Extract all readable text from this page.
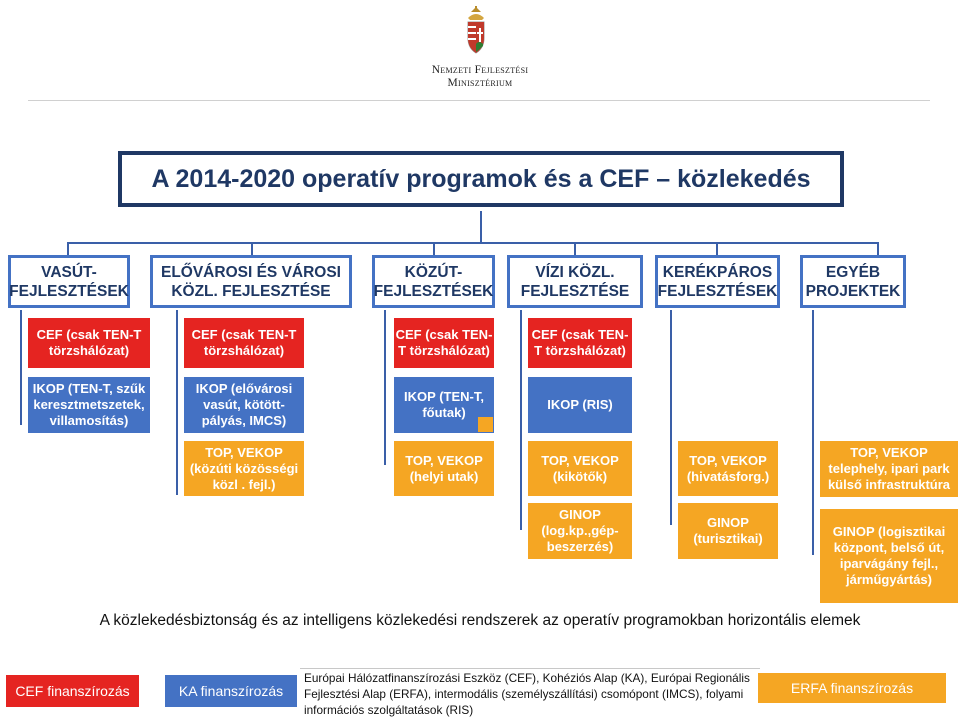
Nemzeti Fejlesztési
Minisztérium
A 2014-2020 operatív programok és a CEF – közlekedés
VASÚT-
FEJLESZTÉSEK
ELŐVÁROSI ÉS VÁROSI
KÖZL. FEJLESZTÉSE
KÖZÚT-
FEJLESZTÉSEK
VÍZI KÖZL.
FEJLESZTÉSE
KERÉKPÁROS
FEJLESZTÉSEK
EGYÉB
PROJEKTEK
CEF (csak TEN-T
törzshálózat)
IKOP (TEN-T, szűk
keresztmetszetek,
villamosítás)
CEF (csak TEN-T
törzshálózat)
IKOP (elővárosi
vasút, kötött-
pályás, IMCS)
TOP, VEKOP
(közúti közösségi
közl . fejl.)
CEF (csak TEN-
T törzshálózat)
IKOP (TEN-T,
főutak)
TOP, VEKOP
(helyi utak)
CEF (csak TEN-
T törzshálózat)
IKOP (RIS)
TOP, VEKOP
(kikötők)
GINOP
(log.kp.,gép-
beszerzés)
TOP, VEKOP
(hivatásforg.)
GINOP
(turisztikai)
TOP, VEKOP
telephely, ipari park
külső infrastruktúra
GINOP (logisztikai
központ, belső út,
iparvágány fejl.,
járműgyártás)
A közlekedésbiztonság és az intelligens közlekedési rendszerek az operatív programokban horizontális elemek
CEF finanszírozás	KA finanszírozás
Európai Hálózatfinanszírozási Eszköz (CEF), Kohéziós Alap (KA), Európai Regionális Fejlesztési Alap (ERFA), intermodális (személyszállítási) csomópont (IMCS), folyami információs szolgáltatások (RIS)
ERFA finanszírozás
